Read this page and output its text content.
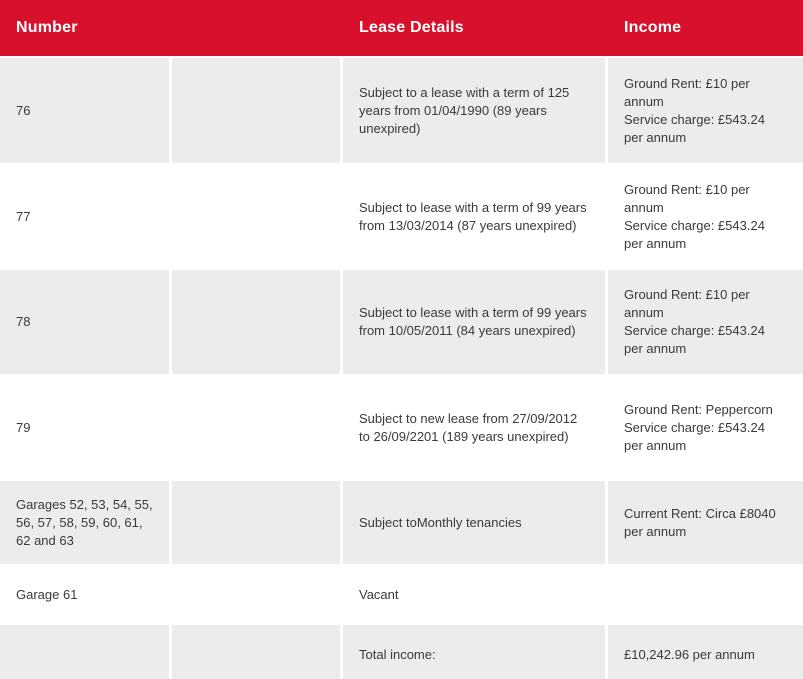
Number		Lease Details	Income

76		Subject to a lease with a term of 125 years from 01/04/1990 (89 years unexpired)	Ground Rent: £10 per annum
Service charge: £543.24 per annum

77		Subject to lease with a term of 99 years from 13/03/2014 (87 years unexpired)	Ground Rent: £10 per annum
Service charge: £543.24 per annum

78		Subject to lease with a term of 99 years from 10/05/2011 (84 years unexpired)	Ground Rent: £10 per annum
Service charge: £543.24 per annum

79		Subject to new lease from 27/09/2012 to 26/09/2201 (189 years unexpired)	Ground Rent: Peppercorn
Service charge: £543.24 per annum

Garages 52, 53, 54, 55, 56, 57, 58, 59, 60, 61, 62 and 63		Subject toMonthly tenancies	Current Rent: Circa £8040 per annum

Garage 61		Vacant	

		Total income:	£10,242.96 per annum
